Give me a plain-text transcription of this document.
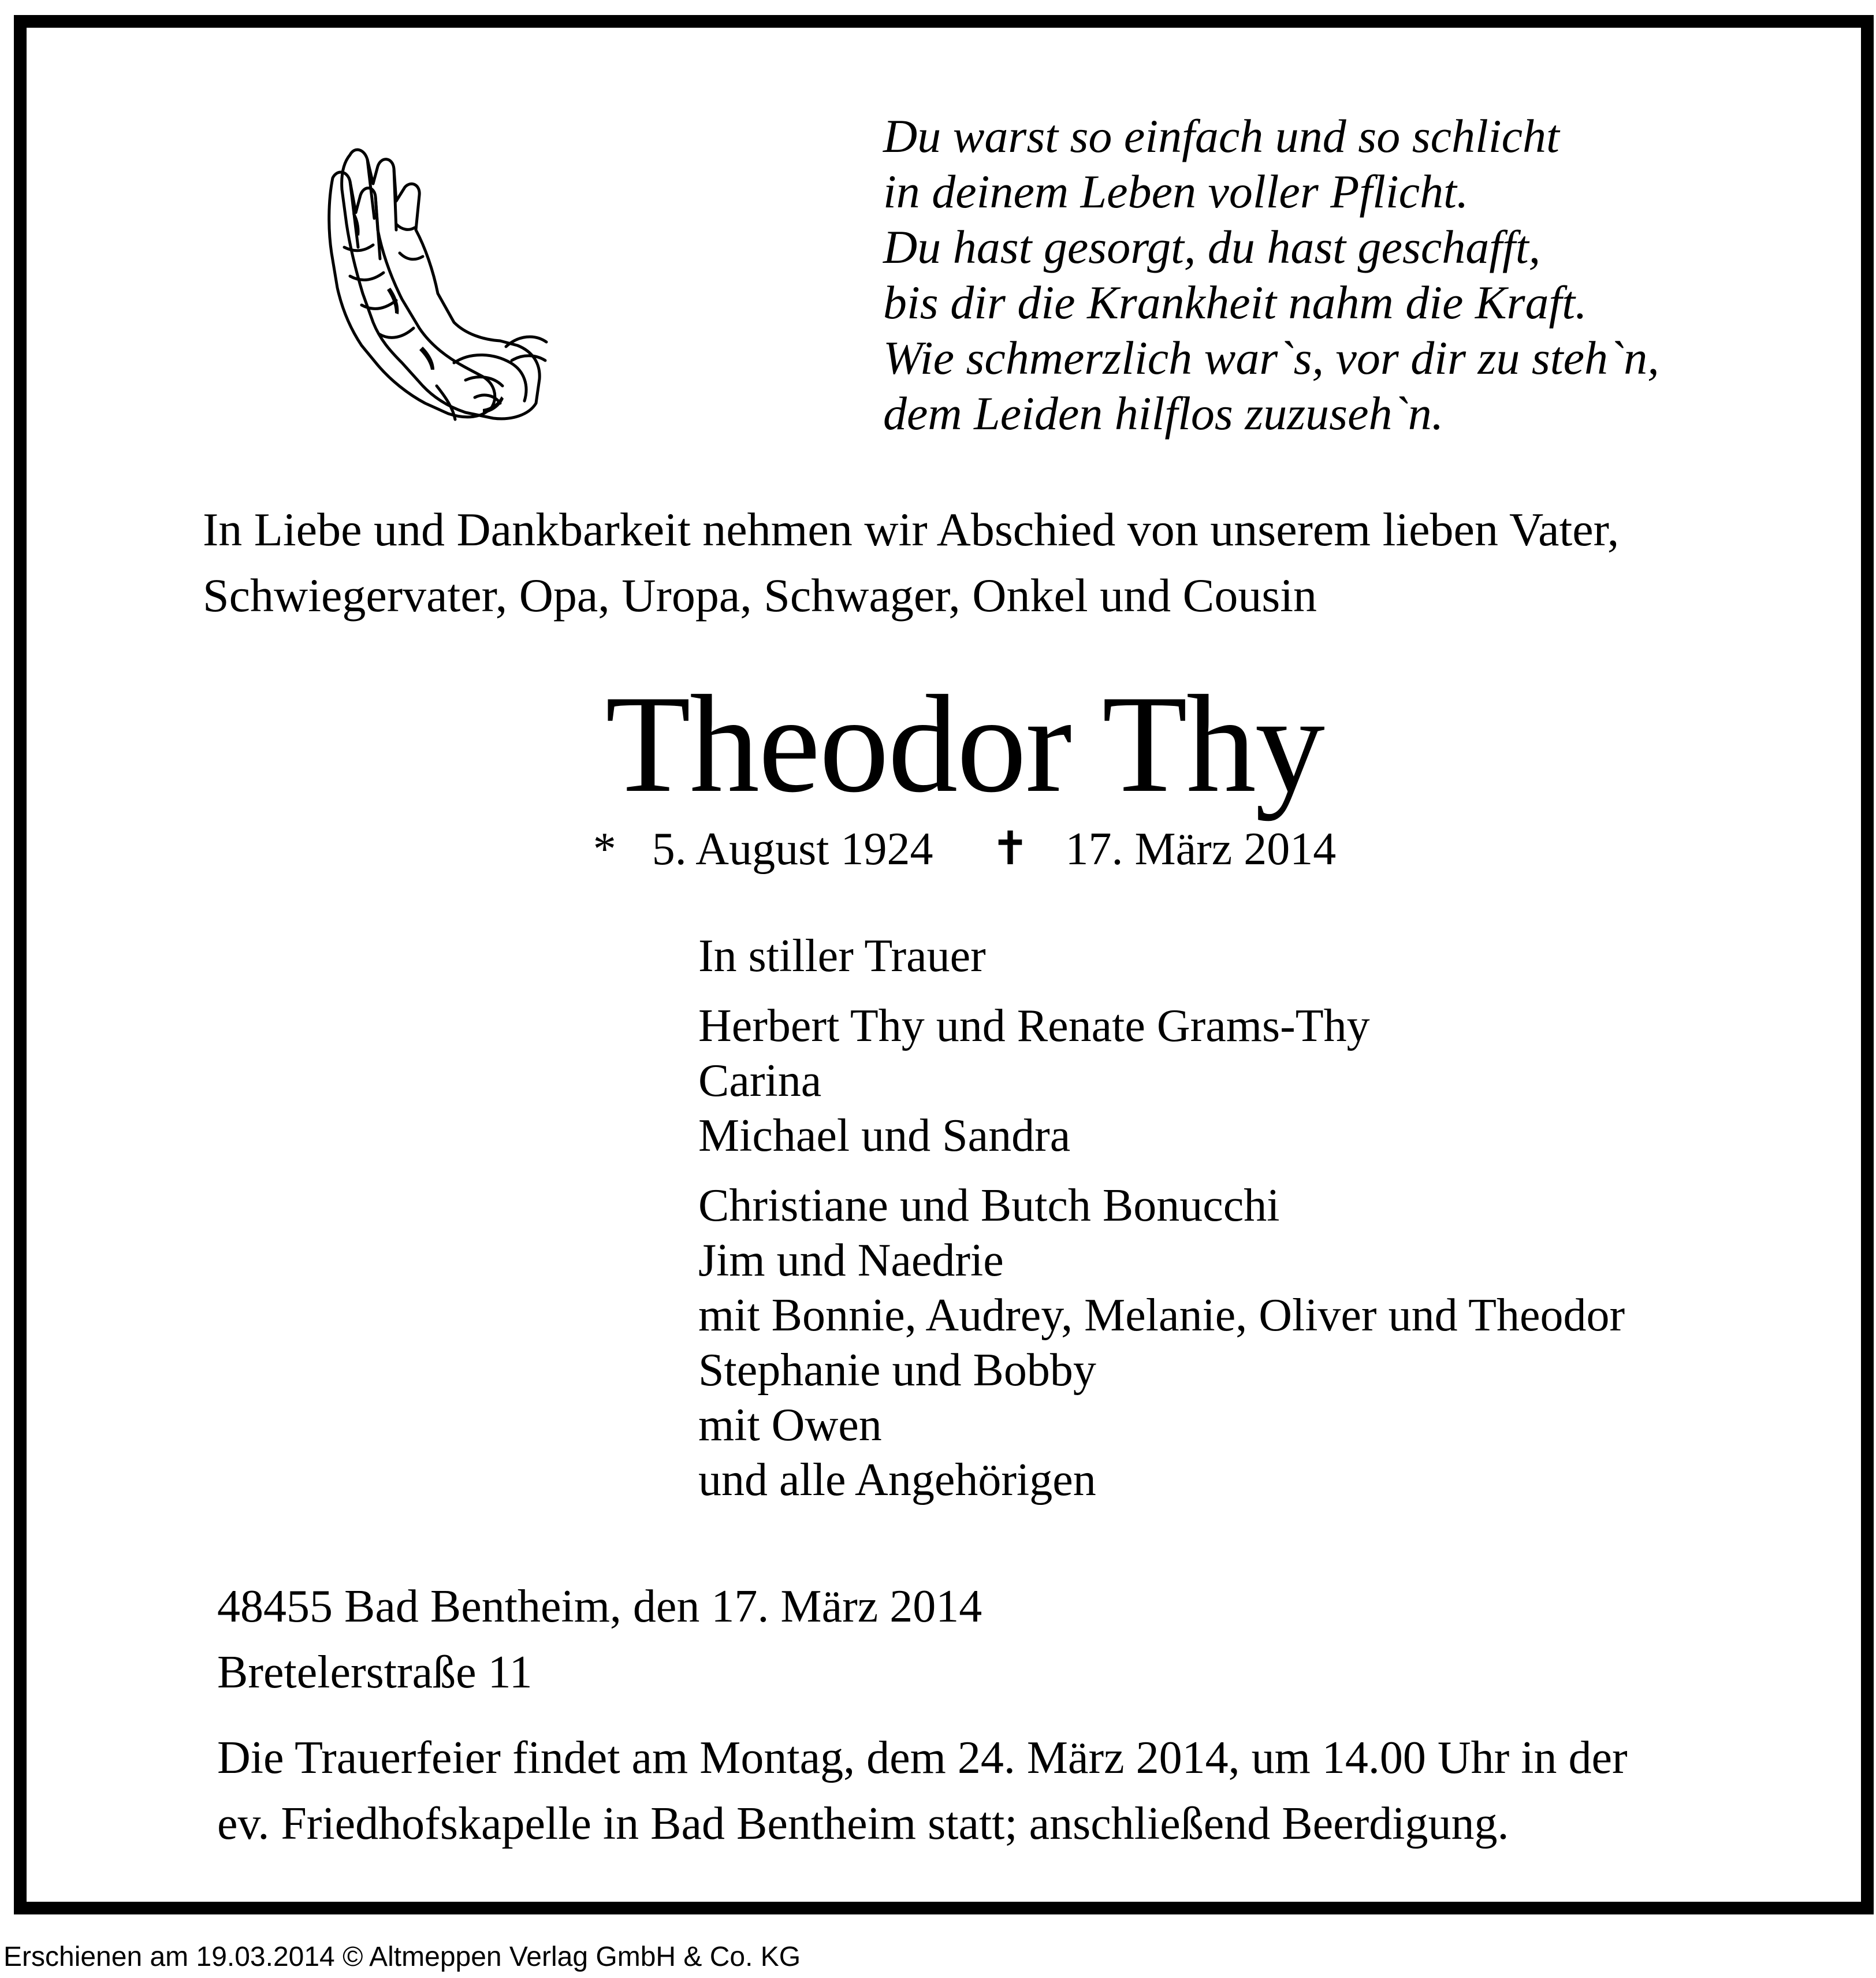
Du warst so einfach und so schlicht
in deinem Leben voller Pflicht.
Du hast gesorgt, du hast geschafft,
bis dir die Krankheit nahm die Kraft.
Wie schmerzlich war`s, vor dir zu steh`n,
dem Leiden hilflos zuzuseh`n.
In Liebe und Dankbarkeit nehmen wir Abschied von unserem lieben Vater,
Schwiegervater, Opa, Uropa, Schwager, Onkel und Cousin
Theodor Thy
* 5. August 1924 ✝ 17. März 2014
In stiller Trauer
Herbert Thy und Renate Grams-Thy
Carina
Michael und Sandra
Christiane und Butch Bonucchi
Jim und Naedrie
mit Bonnie, Audrey, Melanie, Oliver und Theodor
Stephanie und Bobby
mit Owen
und alle Angehörigen
48455 Bad Bentheim, den 17. März 2014
Bretelerstraße 11
Die Trauerfeier findet am Montag, dem 24. März 2014, um 14.00 Uhr in der
ev. Friedhofskapelle in Bad Bentheim statt; anschließend Beerdigung.
Erschienen am 19.03.2014 © Altmeppen Verlag GmbH & Co. KG
